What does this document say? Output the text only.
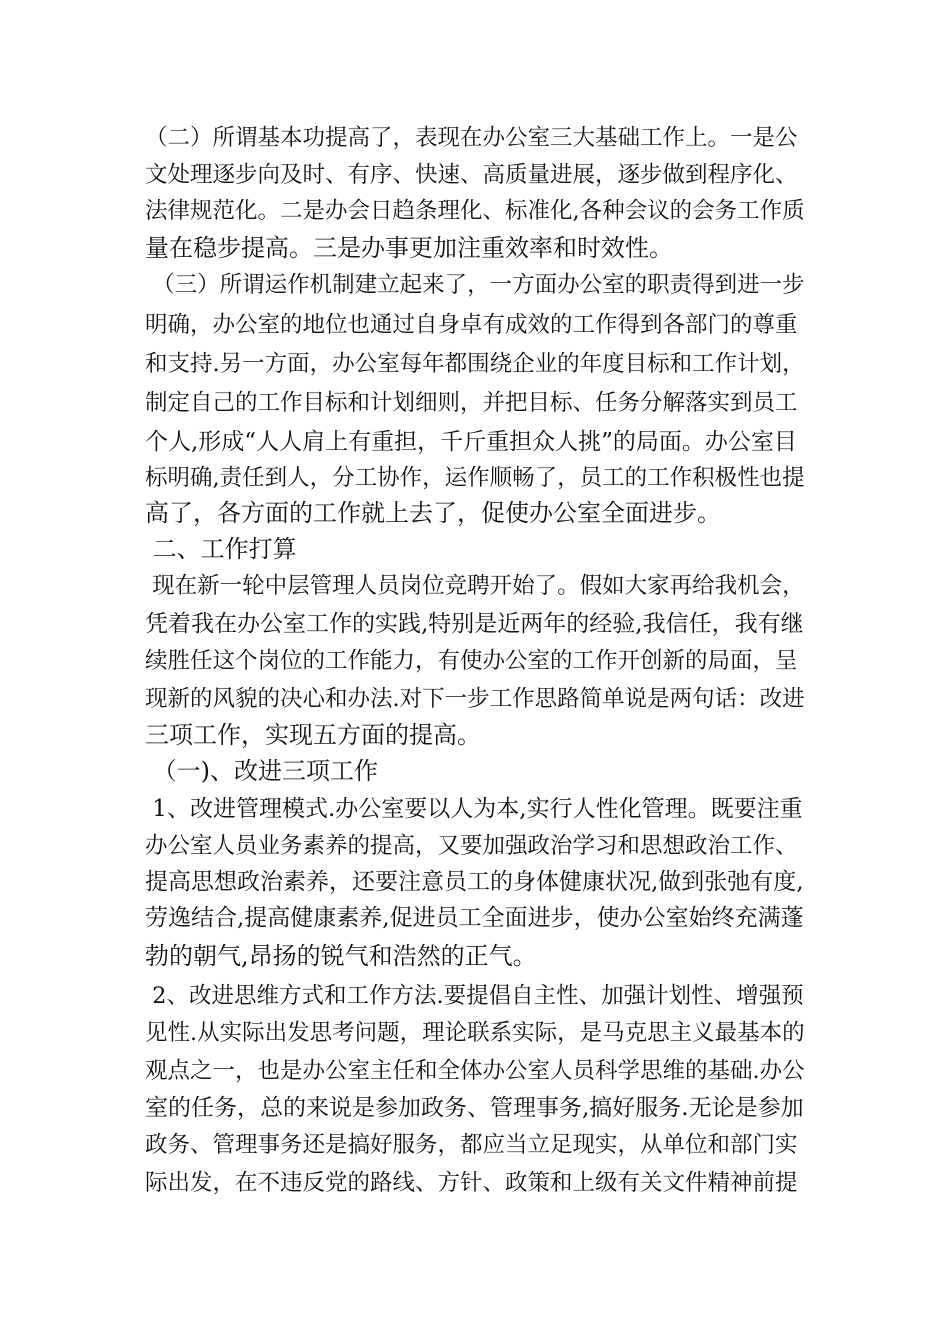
（二）所谓基本功提高了，表现在办公室三大基础工作上。一是公
文处理逐步向及时、有序、快速、高质量进展，逐步做到程序化、
法律规范化。二是办会日趋条理化、标准化,各种会议的会务工作质
量在稳步提高。三是办事更加注重效率和时效性。
（三）所谓运作机制建立起来了，一方面办公室的职责得到进一步
明确，办公室的地位也通过自身卓有成效的工作得到各部门的尊重
和支持.另一方面，办公室每年都围绕企业的年度目标和工作计划，
制定自己的工作目标和计划细则，并把目标、任务分解落实到员工
个人,形成“人人肩上有重担，千斤重担众人挑”的局面。办公室目
标明确,责任到人，分工协作，运作顺畅了，员工的工作积极性也提
高了，各方面的工作就上去了，促使办公室全面进步。
二、工作打算
现在新一轮中层管理人员岗位竞聘开始了。假如大家再给我机会，
凭着我在办公室工作的实践,特别是近两年的经验,我信任，我有继
续胜任这个岗位的工作能力，有使办公室的工作开创新的局面，呈
现新的风貌的决心和办法.对下一步工作思路简单说是两句话：改进
三项工作，实现五方面的提高。
（一)、改进三项工作
1、改进管理模式.办公室要以人为本,实行人性化管理。既要注重
办公室人员业务素养的提高，又要加强政治学习和思想政治工作、
提高思想政治素养，还要注意员工的身体健康状况,做到张弛有度,
劳逸结合,提高健康素养,促进员工全面进步，使办公室始终充满蓬
勃的朝气,昂扬的锐气和浩然的正气。
2、改进思维方式和工作方法.要提倡自主性、加强计划性、增强预
见性.从实际出发思考问题，理论联系实际，是马克思主义最基本的
观点之一，也是办公室主任和全体办公室人员科学思维的基础.办公
室的任务，总的来说是参加政务、管理事务,搞好服务.无论是参加
政务、管理事务还是搞好服务，都应当立足现实，从单位和部门实
际出发，在不违反党的路线、方针、政策和上级有关文件精神前提
